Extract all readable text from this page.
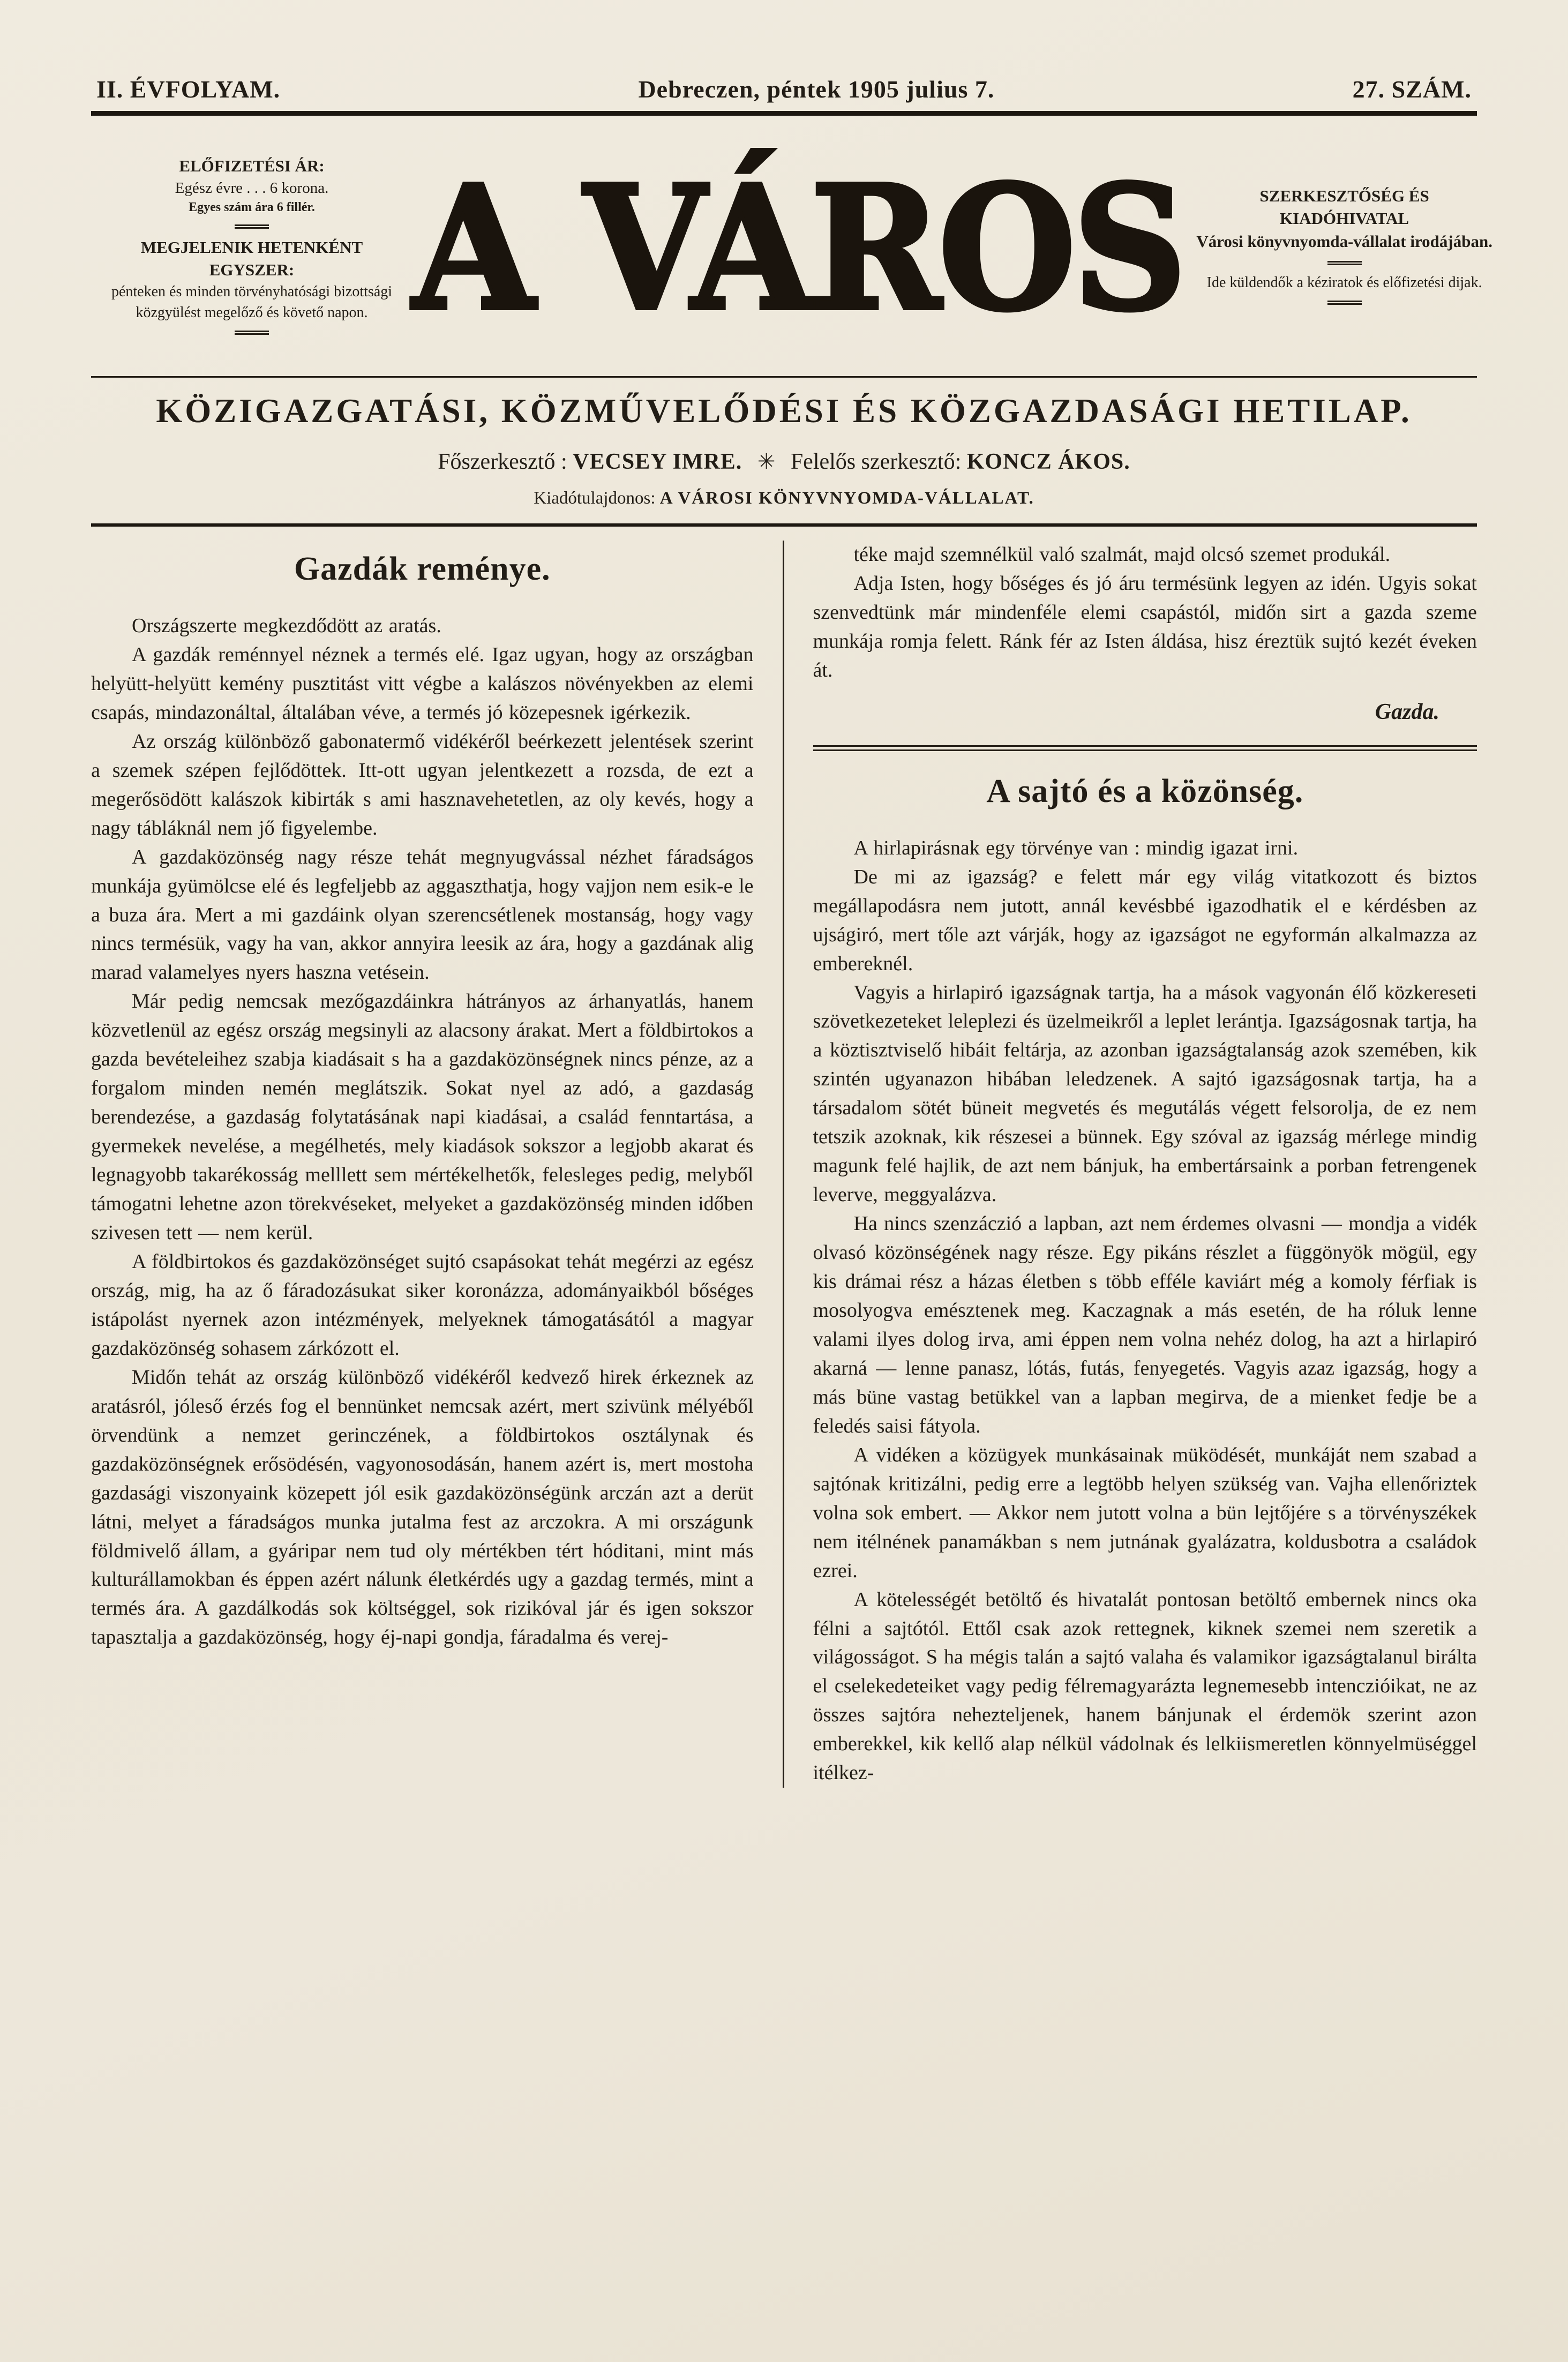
II. ÉVFOLYAM.	Debreczen, péntek 1905 julius 7.	27. SZÁM.
ELŐFIZETÉSI ÁR:
Egész évre . . . 6 korona.
Egyes szám ára 6 fillér.
MEGJELENIK HETENKÉNT EGYSZER:
pénteken és minden törvényhatósági bizottsági közgyülést megelőző és követő napon. A VÁROS	SZERKESZTŐSÉG ÉS KIADÓHIVATAL
Városi könyvnyomda-vállalat irodájában.
Ide küldendők a kéziratok és előfizetési dijak.
KÖZIGAZGATÁSI, KÖZMŰVELŐDÉSI ÉS KÖZGAZDASÁGI HETILAP.
Főszerkesztő : VECSEY IMRE. ✳ Felelős szerkesztő: KONCZ ÁKOS.
Kiadótulajdonos: A VÁROSI KÖNYVNYOMDA-VÁLLALAT.
Gazdák reménye.

Országszerte megkezdődött az aratás.

A gazdák reménnyel néznek a termés elé. Igaz ugyan, hogy az országban helyütt-helyütt kemény pusztitást vitt végbe a kalászos növényekben az elemi csapás, mindazonáltal, általában véve, a termés jó közepesnek igérkezik.

Az ország különböző gabonatermő vidékéről beérkezett jelentések szerint a szemek szépen fejlődöttek. Itt-ott ugyan jelentkezett a rozsda, de ezt a megerősödött kalászok kibirták s ami hasznavehetetlen, az oly kevés, hogy a nagy tábláknál nem jő figyelembe.

A gazdaközönség nagy része tehát megnyugvással nézhet fáradságos munkája gyümölcse elé és legfeljebb az aggaszthatja, hogy vajjon nem esik-e le a buza ára. Mert a mi gazdáink olyan szerencsétlenek mostanság, hogy vagy nincs termésük, vagy ha van, akkor annyira leesik az ára, hogy a gazdának alig marad valamelyes nyers haszna vetésein.

Már pedig nemcsak mezőgazdáinkra hátrányos az árhanyatlás, hanem közvetlenül az egész ország megsinyli az alacsony árakat. Mert a földbirtokos a gazda bevételeihez szabja kiadásait s ha a gazdaközönségnek nincs pénze, az a forgalom minden nemén meglátszik. Sokat nyel az adó, a gazdaság berendezése, a gazdaság folytatásának napi kiadásai, a család fenntartása, a gyermekek nevelése, a megélhetés, mely kiadások sokszor a legjobb akarat és legnagyobb takarékosság melllett sem mértékelhetők, felesleges pedig, melyből támogatni lehetne azon törekvéseket, melyeket a gazdaközönség minden időben szivesen tett — nem kerül.

A földbirtokos és gazdaközönséget sujtó csapásokat tehát megérzi az egész ország, mig, ha az ő fáradozásukat siker koronázza, adományaikból bőséges istápolást nyernek azon intézmények, melyeknek támogatásától a magyar gazdaközönség sohasem zárkózott el.

Midőn tehát az ország különböző vidékéről kedvező hirek érkeznek az aratásról, jóleső érzés fog el bennünket nemcsak azért, mert szivünk mélyéből örvendünk a nemzet gerinczének, a földbirtokos osztálynak és gazdaközönségnek erősödésén, vagyonosodásán, hanem azért is, mert mostoha gazdasági viszonyaink közepett jól esik gazdaközönségünk arczán azt a derüt látni, melyet a fáradságos munka jutalma fest az arczokra. A mi országunk földmivelő állam, a gyáripar nem tud oly mértékben tért hóditani, mint más kulturállamokban és éppen azért nálunk életkérdés ugy a gazdag termés, mint a termés ára. A gazdálkodás sok költséggel, sok rizikóval jár és igen sokszor tapasztalja a gazdaközönség, hogy éj-napi gondja, fáradalma és verej-

téke majd szemnélkül való szalmát, majd olcsó szemet produkál.

Adja Isten, hogy bőséges és jó áru termésünk legyen az idén. Ugyis sokat szenvedtünk már mindenféle elemi csapástól, midőn sirt a gazda szeme munkája romja felett. Ránk fér az Isten áldása, hisz éreztük sujtó kezét éveken át.

Gazda.
A sajtó és a közönség.

A hirlapirásnak egy törvénye van : mindig igazat irni.

De mi az igazság? e felett már egy világ vitatkozott és biztos megállapodásra nem jutott, annál kevésbbé igazodhatik el e kérdésben az ujságiró, mert tőle azt várják, hogy az igazságot ne egyformán alkalmazza az embereknél.

Vagyis a hirlapiró igazságnak tartja, ha a mások vagyonán élő közkereseti szövetkezeteket leleplezi és üzelmeikről a leplet lerántja. Igazságosnak tartja, ha a köztisztviselő hibáit feltárja, az azonban igazságtalanság azok szemében, kik szintén ugyanazon hibában leledzenek. A sajtó igazságosnak tartja, ha a társadalom sötét büneit megvetés és megutálás végett felsorolja, de ez nem tetszik azoknak, kik részesei a bünnek. Egy szóval az igazság mérlege mindig magunk felé hajlik, de azt nem bánjuk, ha embertársaink a porban fetrengenek leverve, meggyalázva.

Ha nincs szenzáczió a lapban, azt nem érdemes olvasni — mondja a vidék olvasó közönségének nagy része. Egy pikáns részlet a függönyök mögül, egy kis drámai rész a házas életben s több efféle kaviárt még a komoly férfiak is mosolyogva emésztenek meg. Kaczagnak a más esetén, de ha róluk lenne valami ilyes dolog irva, ami éppen nem volna nehéz dolog, ha azt a hirlapiró akarná — lenne panasz, lótás, futás, fenyegetés. Vagyis azaz igazság, hogy a más büne vastag betükkel van a lapban megirva, de a mienket fedje be a feledés saisi fátyola.

A vidéken a közügyek munkásainak müködését, munkáját nem szabad a sajtónak kritizálni, pedig erre a legtöbb helyen szükség van. Vajha ellenőriztek volna sok embert. — Akkor nem jutott volna a bün lejtőjére s a törvényszékek nem itélnének panamákban s nem jutnának gyalázatra, koldusbotra a családok ezrei.

A kötelességét betöltő és hivatalát pontosan betöltő embernek nincs oka félni a sajtótól. Ettől csak azok rettegnek, kiknek szemei nem szeretik a világosságot. S ha mégis talán a sajtó valaha és valamikor igazságtalanul birálta el cselekedeteiket vagy pedig félremagyarázta legnemesebb intenczióikat, ne az összes sajtóra nehezteljenek, hanem bánjunak el érdemök szerint azon emberekkel, kik kellő alap nélkül vádolnak és lelkiismeretlen könnyelmüséggel itélkez-
